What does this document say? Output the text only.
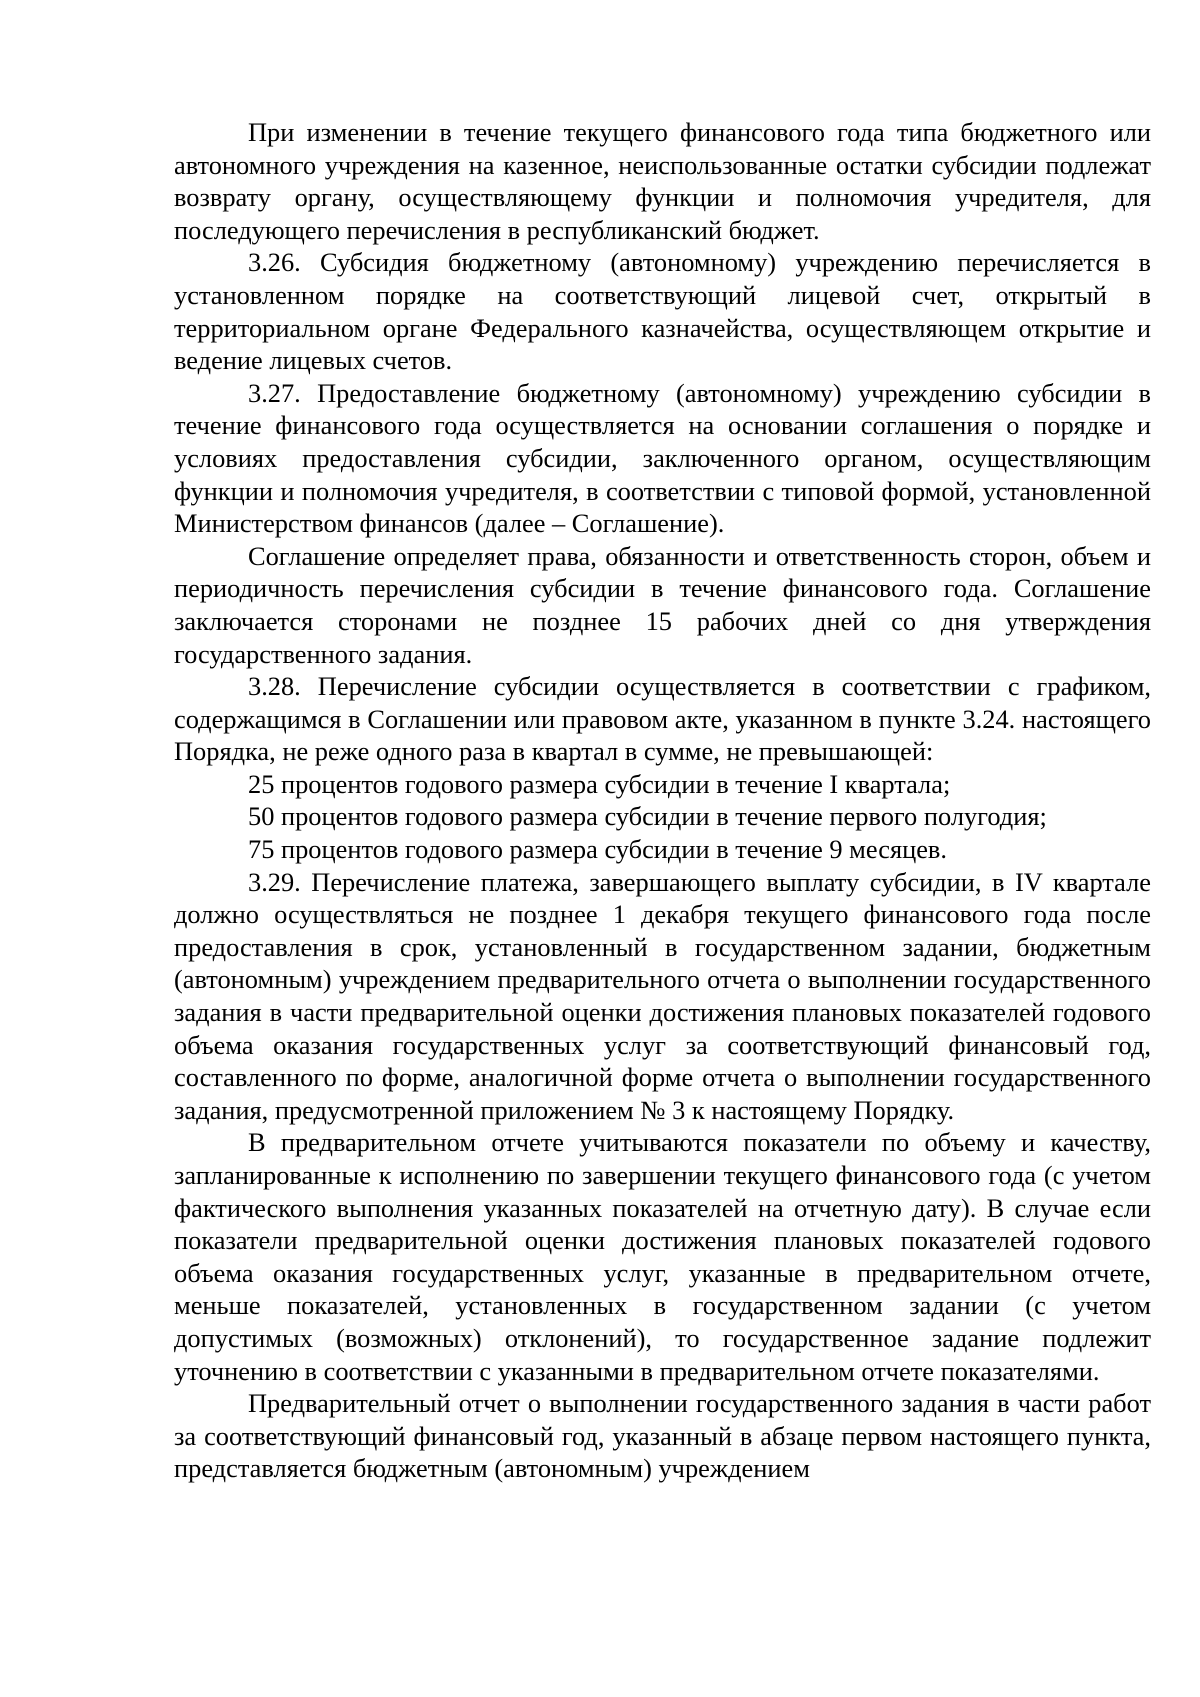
При изменении в течение текущего финансового года типа бюджетного или автономного учреждения на казенное, неиспользованные остатки субсидии подлежат возврату органу, осуществляющему функции и полномочия учредителя, для последующего перечисления в республиканский бюджет.

3.26. Субсидия бюджетному (автономному) учреждению перечисляется в установленном порядке на соответствующий лицевой счет, открытый в территориальном органе Федерального казначейства, осуществляющем открытие и ведение лицевых счетов.

3.27. Предоставление бюджетному (автономному) учреждению субсидии в течение финансового года осуществляется на основании соглашения о порядке и условиях предоставления субсидии, заключенного органом, осуществляющим функции и полномочия учредителя, в соответствии с типовой формой, установленной Министерством финансов (далее – Соглашение).

Соглашение определяет права, обязанности и ответственность сторон, объем и периодичность перечисления субсидии в течение финансового года. Соглашение заключается сторонами не позднее 15 рабочих дней со дня утверждения государственного задания.

3.28. Перечисление субсидии осуществляется в соответствии с графиком, содержащимся в Соглашении или правовом акте, указанном в пункте 3.24. настоящего Порядка, не реже одного раза в квартал в сумме, не превышающей:

25 процентов годового размера субсидии в течение I квартала;

50 процентов годового размера субсидии в течение первого полугодия;

75 процентов годового размера субсидии в течение 9 месяцев.

3.29. Перечисление платежа, завершающего выплату субсидии, в IV квартале должно осуществляться не позднее 1 декабря текущего финансового года после предоставления в срок, установленный в государственном задании, бюджетным (автономным) учреждением предварительного отчета о выполнении государственного задания в части предварительной оценки достижения плановых показателей годового объема оказания государственных услуг за соответствующий финансовый год, составленного по форме, аналогичной форме отчета о выполнении государственного задания, предусмотренной приложением № 3 к настоящему Порядку.

В предварительном отчете учитываются показатели по объему и качеству, запланированные к исполнению по завершении текущего финансового года (с учетом фактического выполнения указанных показателей на отчетную дату). В случае если показатели предварительной оценки достижения плановых показателей годового объема оказания государственных услуг, указанные в предварительном отчете, меньше показателей, установленных в государственном задании (с учетом допустимых (возможных) отклонений), то государственное задание подлежит уточнению в соответствии с указанными в предварительном отчете показателями.

Предварительный отчет о выполнении государственного задания в части работ за соответствующий финансовый год, указанный в абзаце первом настоящего пункта, представляется бюджетным (автономным) учреждением
